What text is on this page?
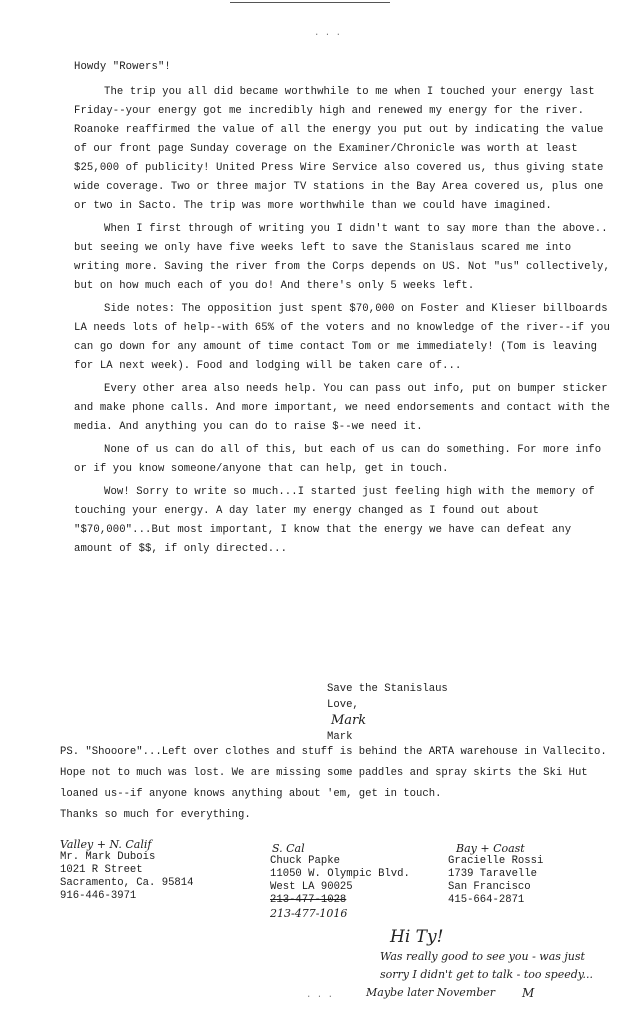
· · ·
· · ·

Howdy "Rowers"!

The trip you all did became worthwhile to me when I touched your energy last Friday--your energy got me incredibly high and renewed my energy for the river. Roanoke reaffirmed the value of all the energy you put out by indicating the value of our front page Sunday coverage on the Examiner/Chronicle was worth at least $25,000 of publicity! United Press Wire Service also covered us, thus giving state wide coverage. Two or three major TV stations in the Bay Area covered us, plus one or two in Sacto. The trip was more worthwhile than we could have imagined.

When I first through of writing you I didn't want to say more than the above.. but seeing we only have five weeks left to save the Stanislaus scared me into writing more. Saving the river from the Corps depends on US. Not "us" collectively, but on how much each of you do! And there's only 5 weeks left.

Side notes: The opposition just spent $70,000 on Foster and Klieser billboards LA needs lots of help--with 65% of the voters and no knowledge of the river--if you can go down for any amount of time contact Tom or me immediately! (Tom is leaving for LA next week). Food and lodging will be taken care of...

Every other area also needs help. You can pass out info, put on bumper sticker and make phone calls. And more important, we need endorsements and contact with the media. And anything you can do to raise $--we need it.

None of us can do all of this, but each of us can do something. For more info or if you know someone/anyone that can help, get in touch.

Wow! Sorry to write so much...I started just feeling high with the memory of touching your energy. A day later my energy changed as I found out about "$70,000"...But most important, I know that the energy we have can defeat any amount of $$, if only directed...

Save the Stanislaus
Love,
Mark
Mark

PS. "Shooore"...Left over clothes and stuff is behind the ARTA warehouse in Vallecito. Hope not to much was lost. We are missing some paddles and spray skirts the Ski Hut loaned us--if anyone knows anything about 'em, get in touch.

Thanks so much for everything.

Valley + N. Calif
Mr. Mark Dubois
1021 R Street
Sacramento, Ca. 95814
916-446-3971
S. Cal
Chuck Papke
11050 W. Olympic Blvd.
West LA 90025
213-477-1028
213-477-1016
Bay + Coast
Gracielle Rossi
1739 Taravelle
San Francisco
415-664-2871
Hi Ty!
Was really good to see you - was just
sorry I didn't get to talk - too speedy...
Maybe later November	M
